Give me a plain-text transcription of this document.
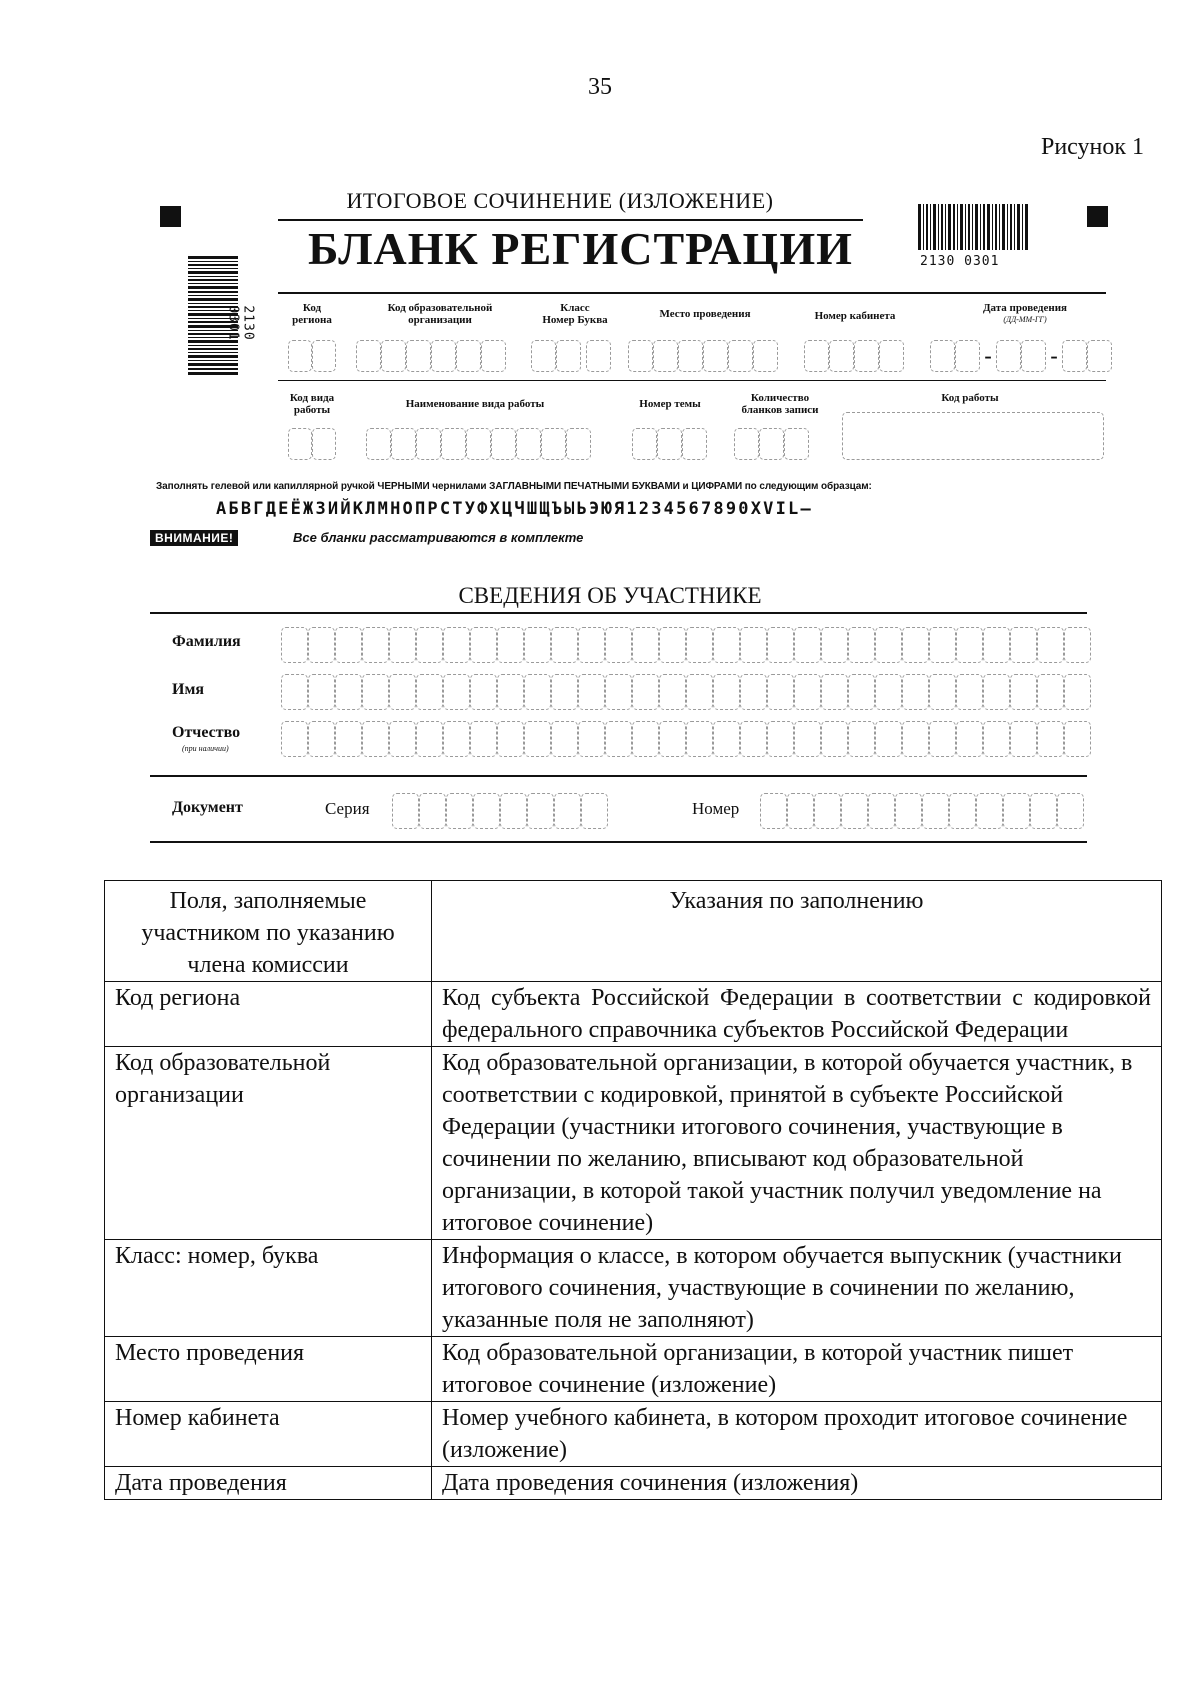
35
Рисунок 1
ИТОГОВОЕ СОЧИНЕНИЕ (ИЗЛОЖЕНИЕ)
БЛАНК РЕГИСТРАЦИИ	2130 0301
2130 0301	Код региона
Код образовательной организации
Класс
Номер Буква	Место проведения	Номер кабинета
Дата проведения
(ДД-ММ-ГГ)
-	-
Код вида работы	Наименование вида работы	Номер темы	Количество бланков записи
Код работы
Заполнять гелевой или капиллярной ручкой ЧЕРНЫМИ чернилами ЗАГЛАВНЫМИ ПЕЧАТНЫМИ БУКВАМИ и ЦИФРАМИ по следующим образцам:
АБВГДЕЁЖЗИЙКЛМНОПРСТУФХЦЧШЩЪЫЬЭЮЯ1234567890XVIL–
ВНИМАНИЕ!	Все бланки рассматриваются в комплекте
СВЕДЕНИЯ ОБ УЧАСТНИКЕ
Фамилия
Имя
Отчество
(при наличии)
Документ	Серия	Номер
Поля, заполняемые участником по указанию члена комиссии	Указания по заполнению
Код региона	Код субъекта Российской Федерации в соответствии с кодировкой федерального справочника субъектов Российской Федерации
Код образовательной организации	Код образовательной организации, в которой обучается участник, в соответствии с кодировкой, принятой в субъекте Российской Федерации (участники итогового сочинения, участвующие в сочинении по желанию, вписывают код образовательной организации, в которой такой участник получил уведомление на итоговое сочинение)
Класс: номер, буква	Информация о классе, в котором обучается выпускник (участники итогового сочинения, участвующие в сочинении по желанию, указанные поля не заполняют)
Место проведения	Код образовательной организации, в которой участник пишет итоговое сочинение (изложение)
Номер кабинета	Номер учебного кабинета, в котором проходит итоговое сочинение (изложение)
Дата проведения	Дата проведения сочинения (изложения)
